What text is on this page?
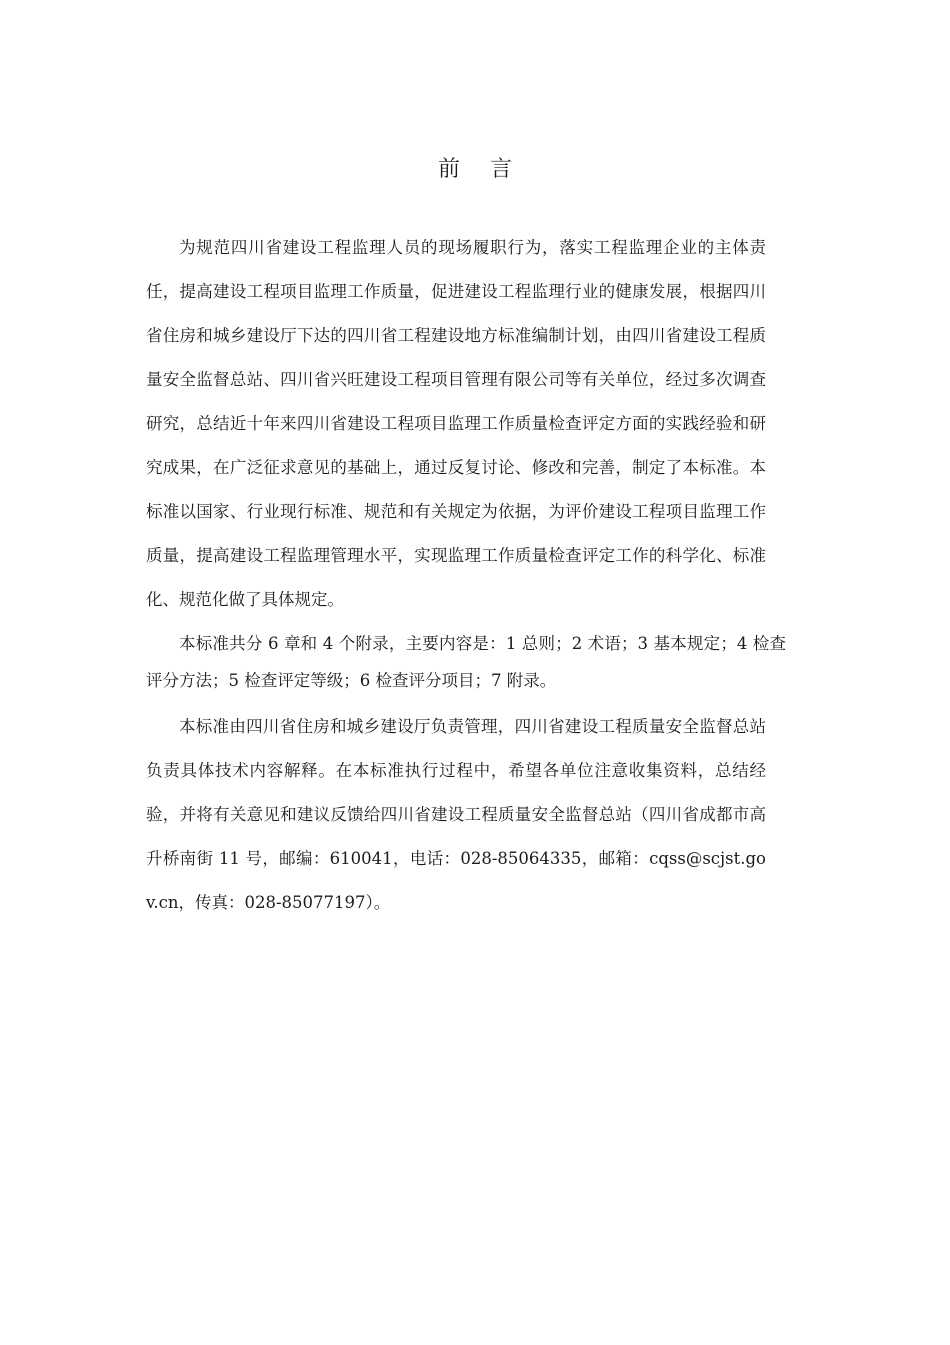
前言

为规范四川省建设工程监理人员的现场履职行为，落实工程监理企业的主体责任，提高建设工程项目监理工作质量，促进建设工程监理行业的健康发展，根据四川省住房和城乡建设厅下达的四川省工程建设地方标准编制计划，由四川省建设工程质量安全监督总站、四川省兴旺建设工程项目管理有限公司等有关单位，经过多次调查研究，总结近十年来四川省建设工程项目监理工作质量检查评定方面的实践经验和研究成果，在广泛征求意见的基础上，通过反复讨论、修改和完善，制定了本标准。本标准以国家、行业现行标准、规范和有关规定为依据，为评价建设工程项目监理工作质量，提高建设工程监理管理水平，实现监理工作质量检查评定工作的科学化、标准化、规范化做了具体规定。

本标准共分 6 章和 4 个附录，主要内容是：1 总则；2 术语；3 基本规定；4 检查评分方法；5 检查评定等级；6 检查评分项目；7 附录。

本标准由四川省住房和城乡建设厅负责管理，四川省建设工程质量安全监督总站负责具体技术内容解释。在本标准执行过程中，希望各单位注意收集资料，总结经验，并将有关意见和建议反馈给四川省建设工程质量安全监督总站（四川省成都市高升桥南街 11 号，邮编：610041，电话：028-85064335，邮箱：cqss@scjst.gov.cn，传真：028-85077197）。
